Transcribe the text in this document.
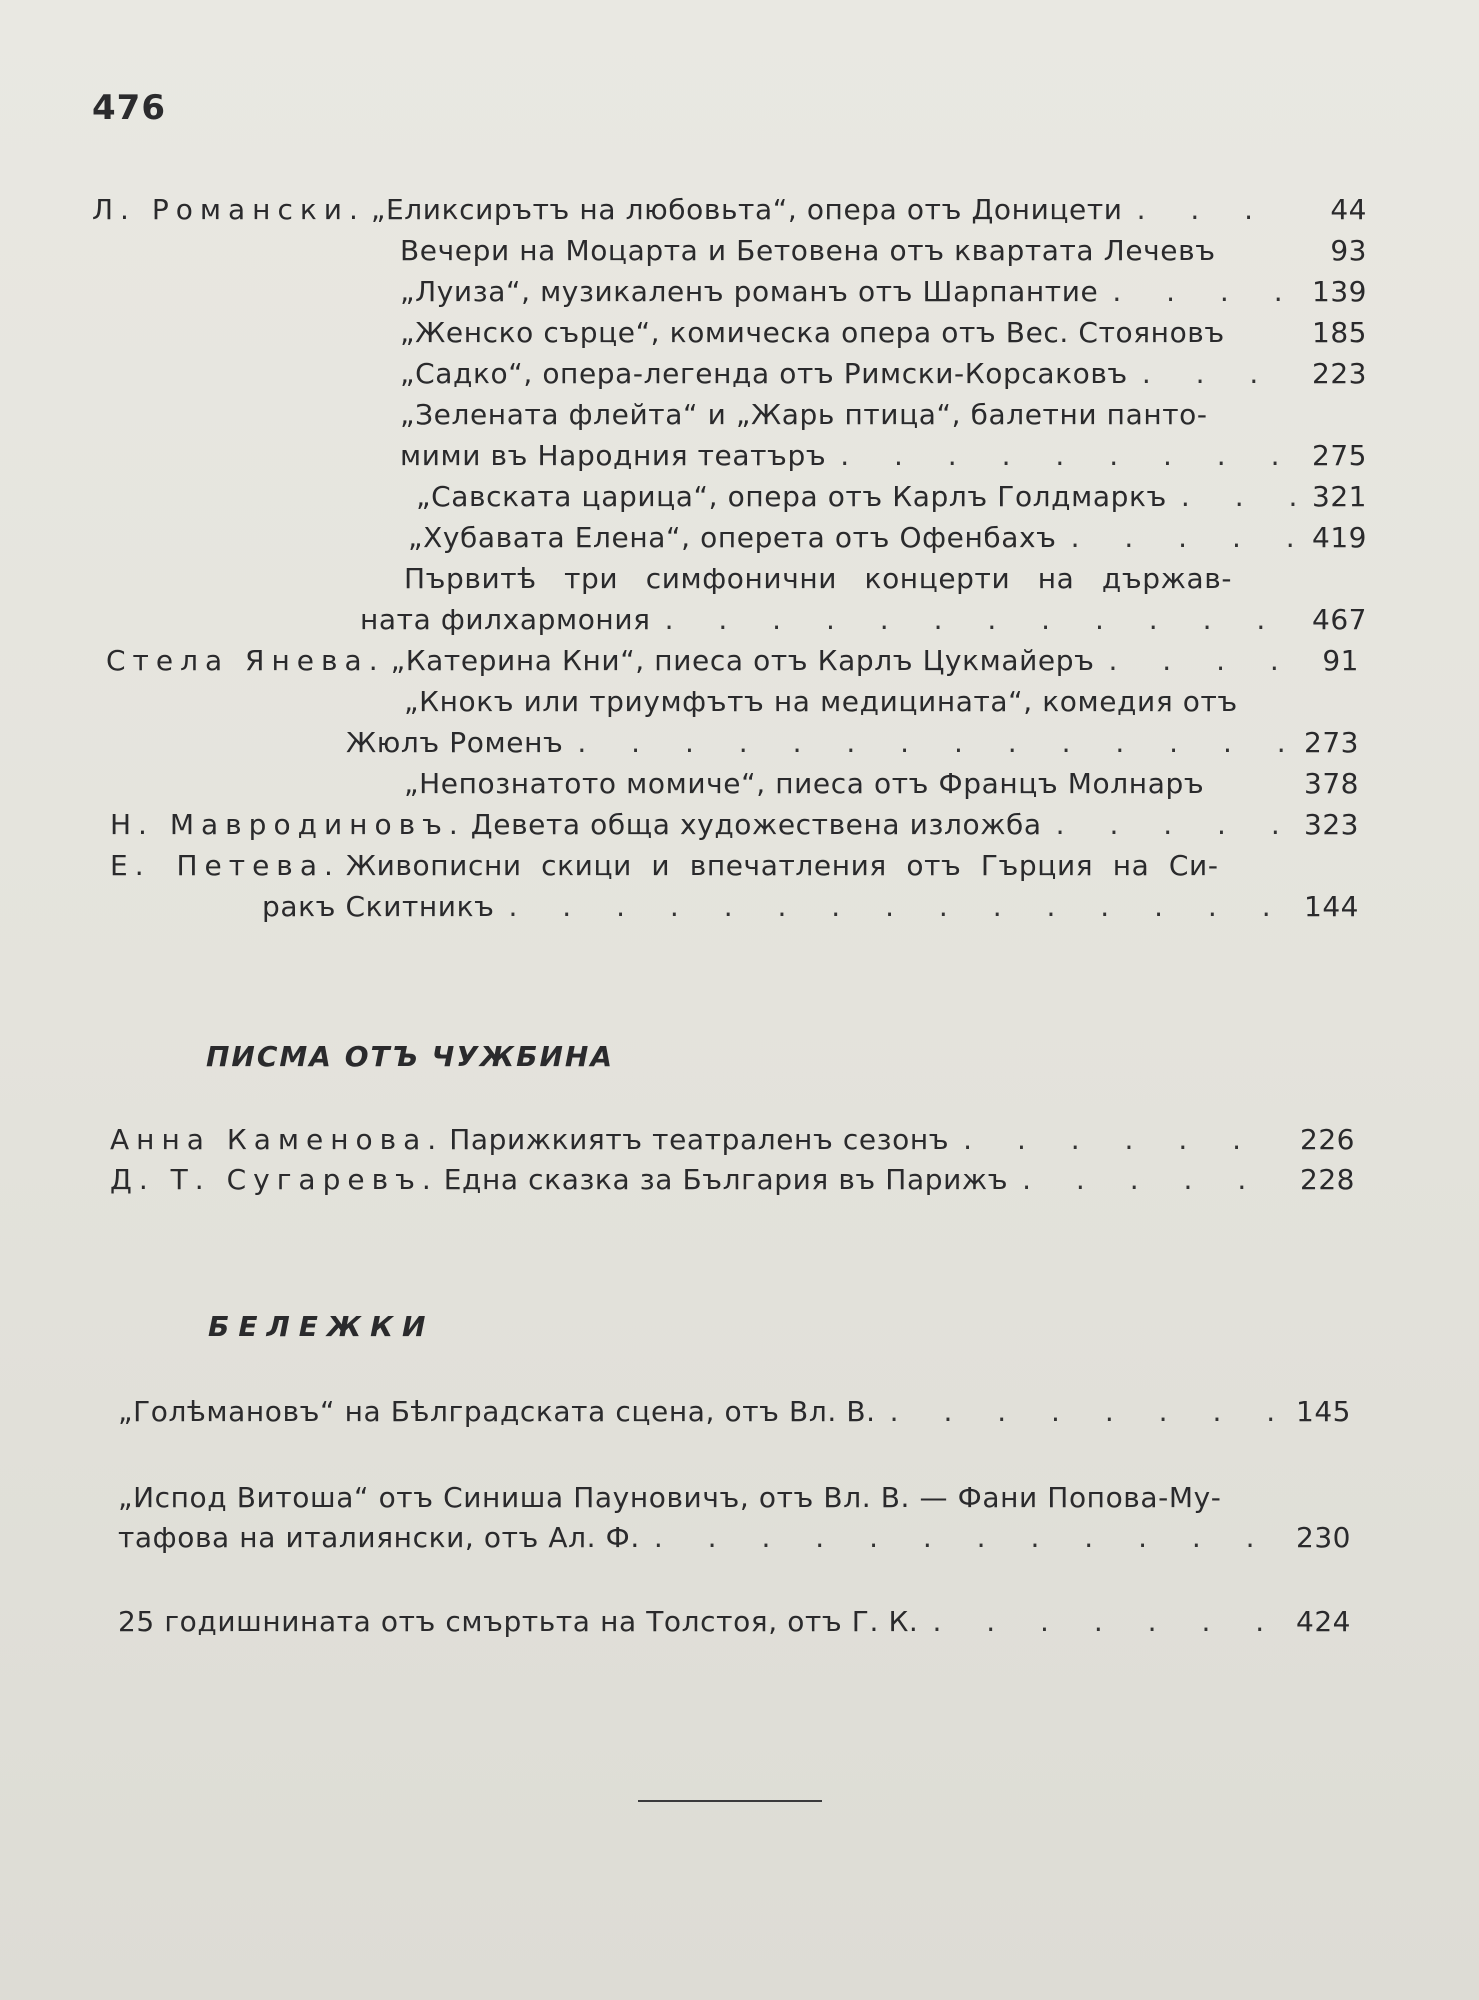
476
Л. Романски. „Еликсирътъ на любовьта“, опера отъ Доницети . . .	44
Вечери на Моцарта и Бетовена отъ квартата Лечевъ	93
„Луиза“, музикаленъ романъ отъ Шарпантие . . .	139
„Женско сърце“, комическа опера отъ Вес. Стояновъ	185
„Садко“, опера-легенда отъ Римски-Корсаковъ . . .	223
„Зелената флейта“ и „Жарь птица“, балетни панто-
мими въ Народния театъръ . . .	275
„Савската царица“, опера отъ Карлъ Голдмаркъ . . .	321
„Хубавата Елена“, оперета отъ Офенбахъ . . .	419
Първитѣ три симфонични концерти на държав-
ната филхармония . . .	467
Стела Янева. „Катерина Кни“, пиеса отъ Карлъ Цукмайеръ . . .	91
„Кнокъ или триумфътъ на медицината“, комедия отъ
Жюлъ Роменъ . . .	273
„Непознатото момиче“, пиеса отъ Францъ Молнаръ	378
Н. Мавродиновъ. Девета обща художествена изложба . . .	323
Е. Петева. Живописни скици и впечатления отъ Гърция на Си-
ракъ Скитникъ . . .	144
ПИСМА ОТЪ ЧУЖБИНА
Анна Каменова. Парижкиятъ театраленъ сезонъ . . .	226
Д. Т. Сугаревъ. Една сказка за България въ Парижъ . . .	228
БЕЛЕЖКИ
„Голѣмановъ“ на Бѣлградската сцена, отъ Вл. В. . . .	145
„Испод Витоша“ отъ Синиша Пауновичъ, отъ Вл. В. — Фани Попова-Му-
тафова на италиянски, отъ Ал. Ф. . . .	230
25 годишнината отъ смъртьта на Толстоя, отъ Г. К. . . .	424
